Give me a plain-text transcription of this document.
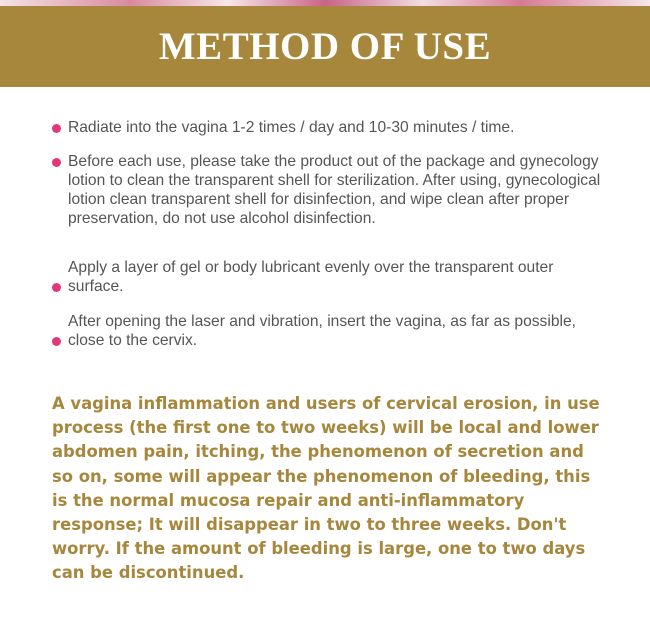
METHOD OF USE
Radiate into the vagina 1-2 times / day and 10-30 minutes / time.
Before each use, please take the product out of the package and gynecology lotion to clean the transparent shell for sterilization. After using, gynecological lotion clean transparent shell for disinfection, and wipe clean after proper preservation, do not use alcohol disinfection.
Apply a layer of gel or body lubricant evenly over the transparent outer surface.
After opening the laser and vibration, insert the vagina, as far as possible, close to the cervix.
A vagina inflammation and users of cervical erosion, in use process (the first one to two weeks) will be local and lower abdomen pain, itching, the phenomenon of secretion and so on, some will appear the phenomenon of bleeding, this is the normal mucosa repair and anti-inflammatory response; It will disappear in two to three weeks. Don't worry. If the amount of bleeding is large, one to two days can be discontinued.
